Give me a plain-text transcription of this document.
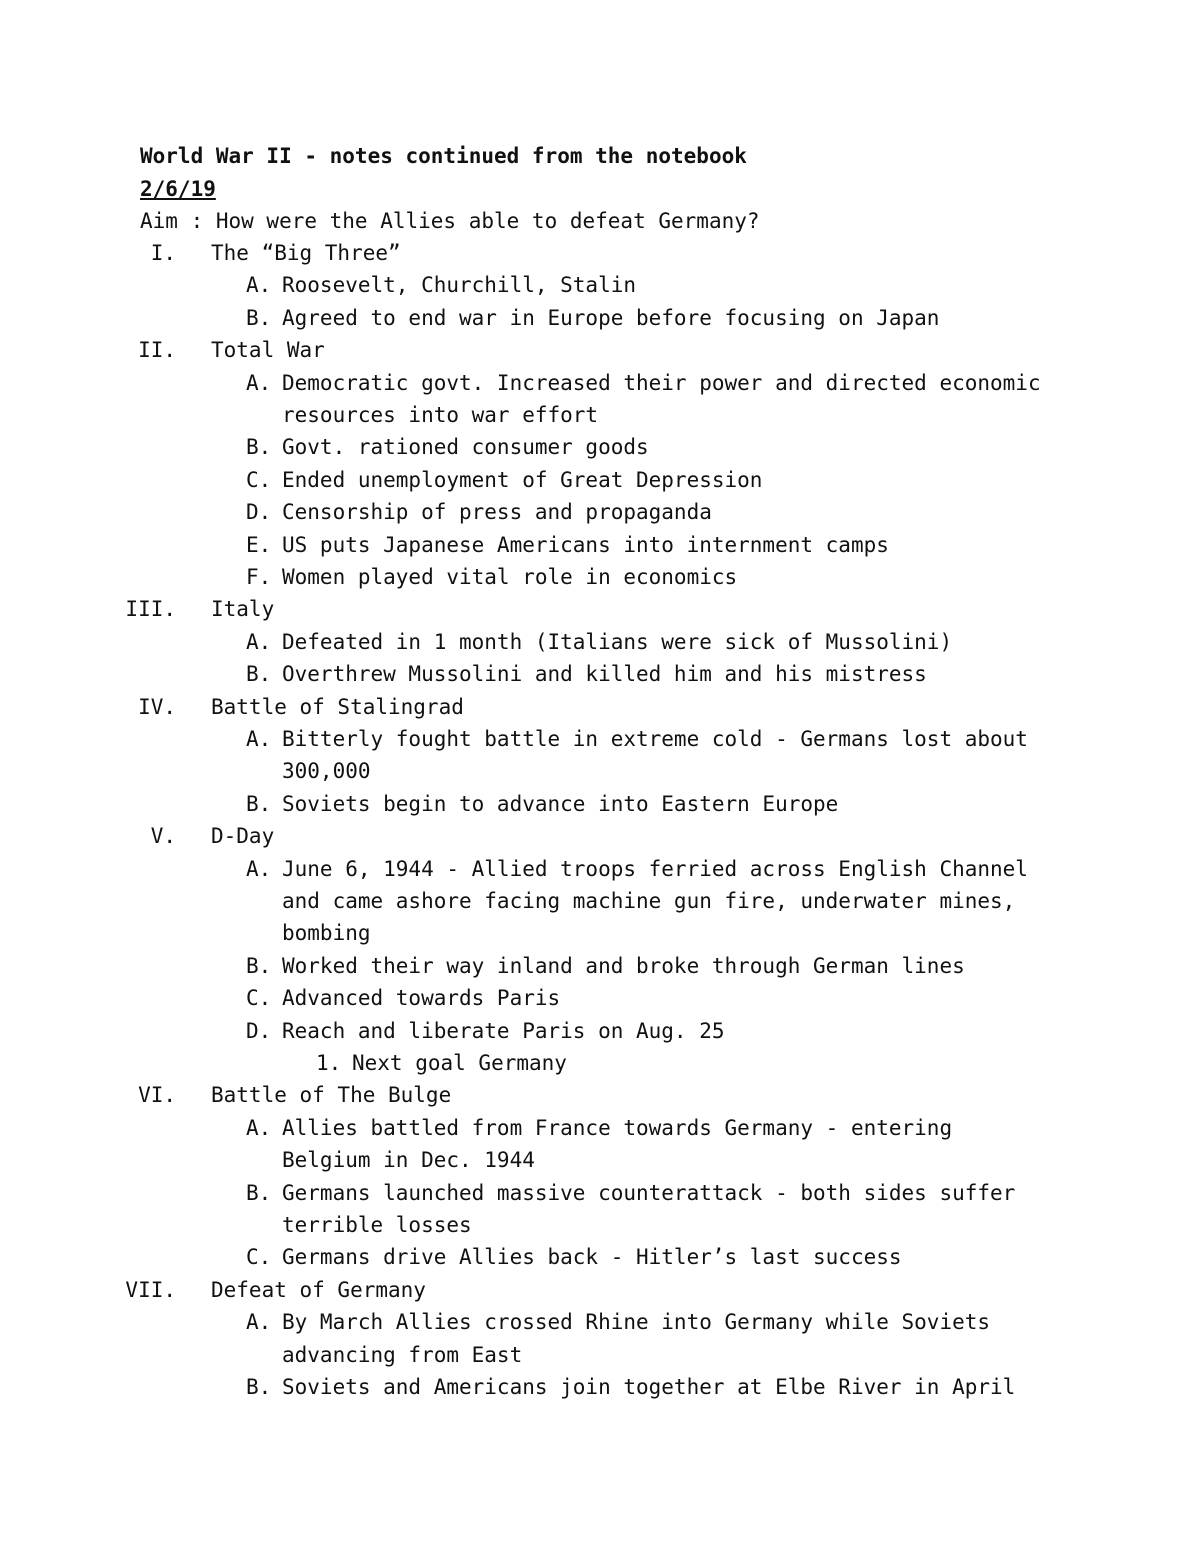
World War II - notes continued from the notebook
2/6/19
Aim : How were the Allies able to defeat Germany?
I. The “Big Three”
A. Roosevelt, Churchill, Stalin
B. Agreed to end war in Europe before focusing on Japan
II. Total War
A. Democratic govt. Increased their power and directed economic
resources into war effort
B. Govt. rationed consumer goods
C. Ended unemployment of Great Depression
D. Censorship of press and propaganda
E. US puts Japanese Americans into internment camps
F. Women played vital role in economics
III. Italy
A. Defeated in 1 month (Italians were sick of Mussolini)
B. Overthrew Mussolini and killed him and his mistress
IV. Battle of Stalingrad
A. Bitterly fought battle in extreme cold - Germans lost about
300,000
B. Soviets begin to advance into Eastern Europe
V. D-Day
A. June 6, 1944 - Allied troops ferried across English Channel
and came ashore facing machine gun fire, underwater mines,
bombing
B. Worked their way inland and broke through German lines
C. Advanced towards Paris
D. Reach and liberate Paris on Aug. 25
1. Next goal Germany
VI. Battle of The Bulge
A. Allies battled from France towards Germany - entering
Belgium in Dec. 1944
B. Germans launched massive counterattack - both sides suffer
terrible losses
C. Germans drive Allies back - Hitler’s last success
VII. Defeat of Germany
A. By March Allies crossed Rhine into Germany while Soviets
advancing from East
B. Soviets and Americans join together at Elbe River in April
